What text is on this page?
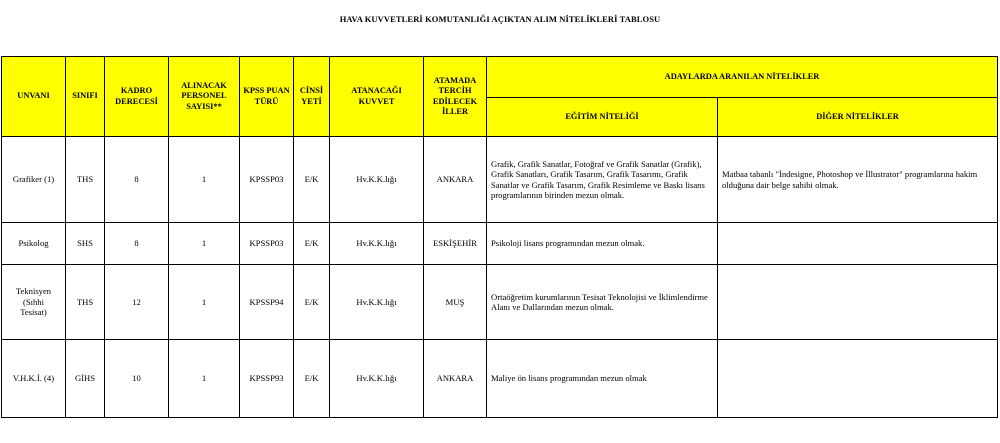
HAVA KUVVETLERİ KOMUTANLIĞI AÇIKTAN ALIM NİTELİKLERİ TABLOSU
UNVANI	SINIFI	KADRO DERECESİ	ALINACAK PERSONEL SAYISI**	KPSS PUAN TÜRÜ	CİNSİ YETİ	ATANACAĞI KUVVET	ATAMADA TERCİH EDİLECEK İLLER	ADAYLARDA ARANILAN NİTELİKLER	
								EĞİTİM NİTELİĞİ	DİĞER NİTELİKLER
Grafiker (1)	THS	8	1	KPSSP03	E/K	Hv.K.K.lığı	ANKARA	Grafik, Grafik Sanatlar, Fotoğraf ve Grafik Sanatlar (Grafik), Grafik Sanatları, Grafik Tasarım, Grafik Tasarımı, Grafik Sanatlar ve Grafik Tasarım, Grafik Resimleme ve Baskı lisans programlarının birinden mezun olmak.	Matbaa tabanlı "İndesigne, Photoshop ve İllustrator" programlarına hakim olduğuna dair belge sahibi olmak.
Psikolog	SHS	8	1	KPSSP03	E/K	Hv.K.K.lığı	ESKİŞEHİR	Psikoloji lisans programından mezun olmak.	
Teknisyen
(Sıhhi
Tesisat)	THS	12	1	KPSSP94	E/K	Hv.K.K.lığı	MUŞ	Ortaöğretim kurumlarının Tesisat Teknolojisi ve İklimlendirme Alanı ve Dallarından mezun olmak.	
V.H.K.İ. (4)	GİHS	10	1	KPSSP93	E/K	Hv.K.K.lığı	ANKARA	Maliye ön lisans programından mezun olmak	
